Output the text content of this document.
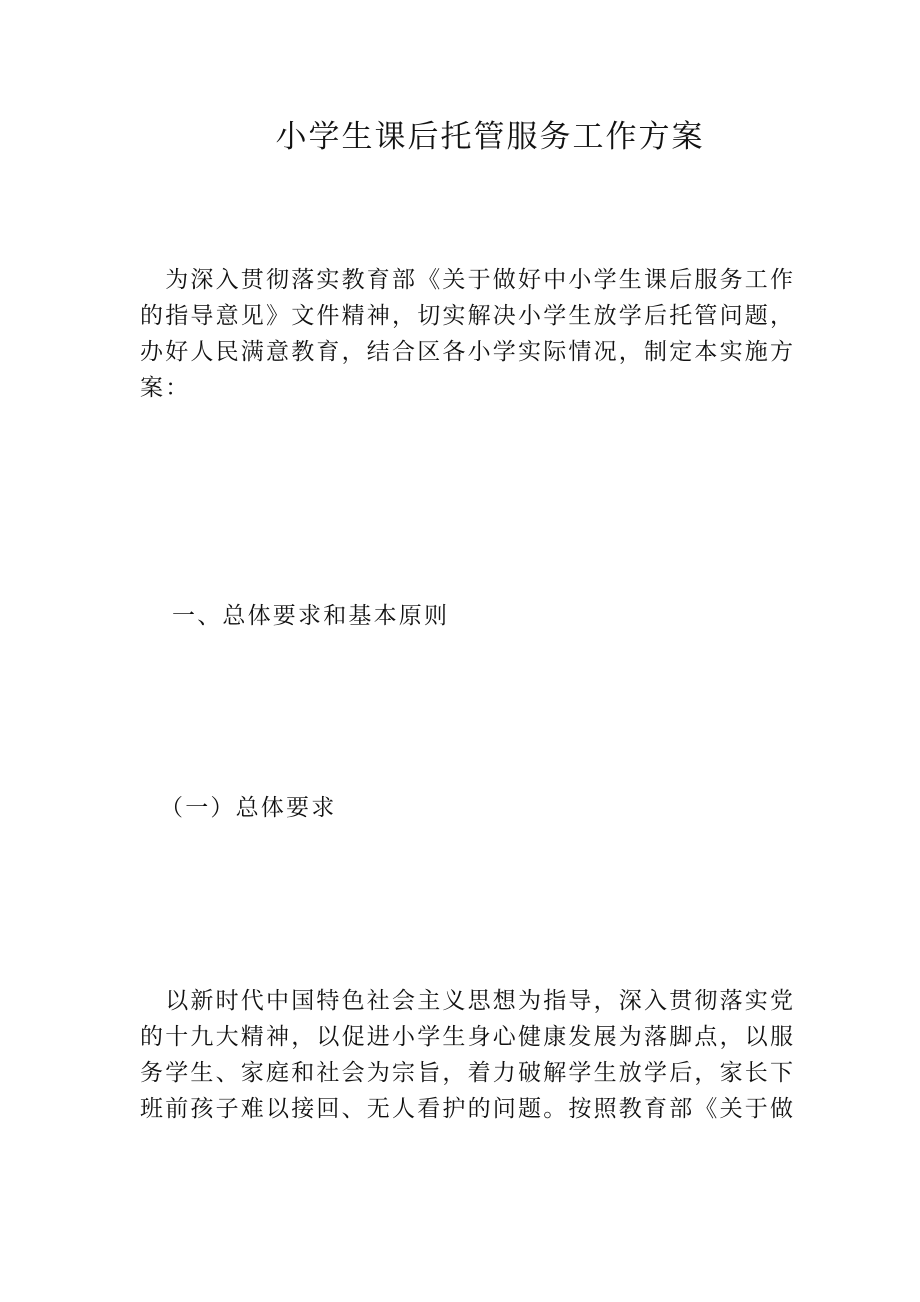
小学生课后托管服务工作方案

　为深入贯彻落实教育部《关于做好中小学生课后服务工作
的指导意见》文件精神，切实解决小学生放学后托管问题，
办好人民满意教育，结合区各小学实际情况，制定本实施方
案：

一、总体要求和基本原则

（一）总体要求

　以新时代中国特色社会主义思想为指导，深入贯彻落实党
的十九大精神，以促进小学生身心健康发展为落脚点，以服
务学生、家庭和社会为宗旨，着力破解学生放学后，家长下
班前孩子难以接回、无人看护的问题。按照教育部《关于做
